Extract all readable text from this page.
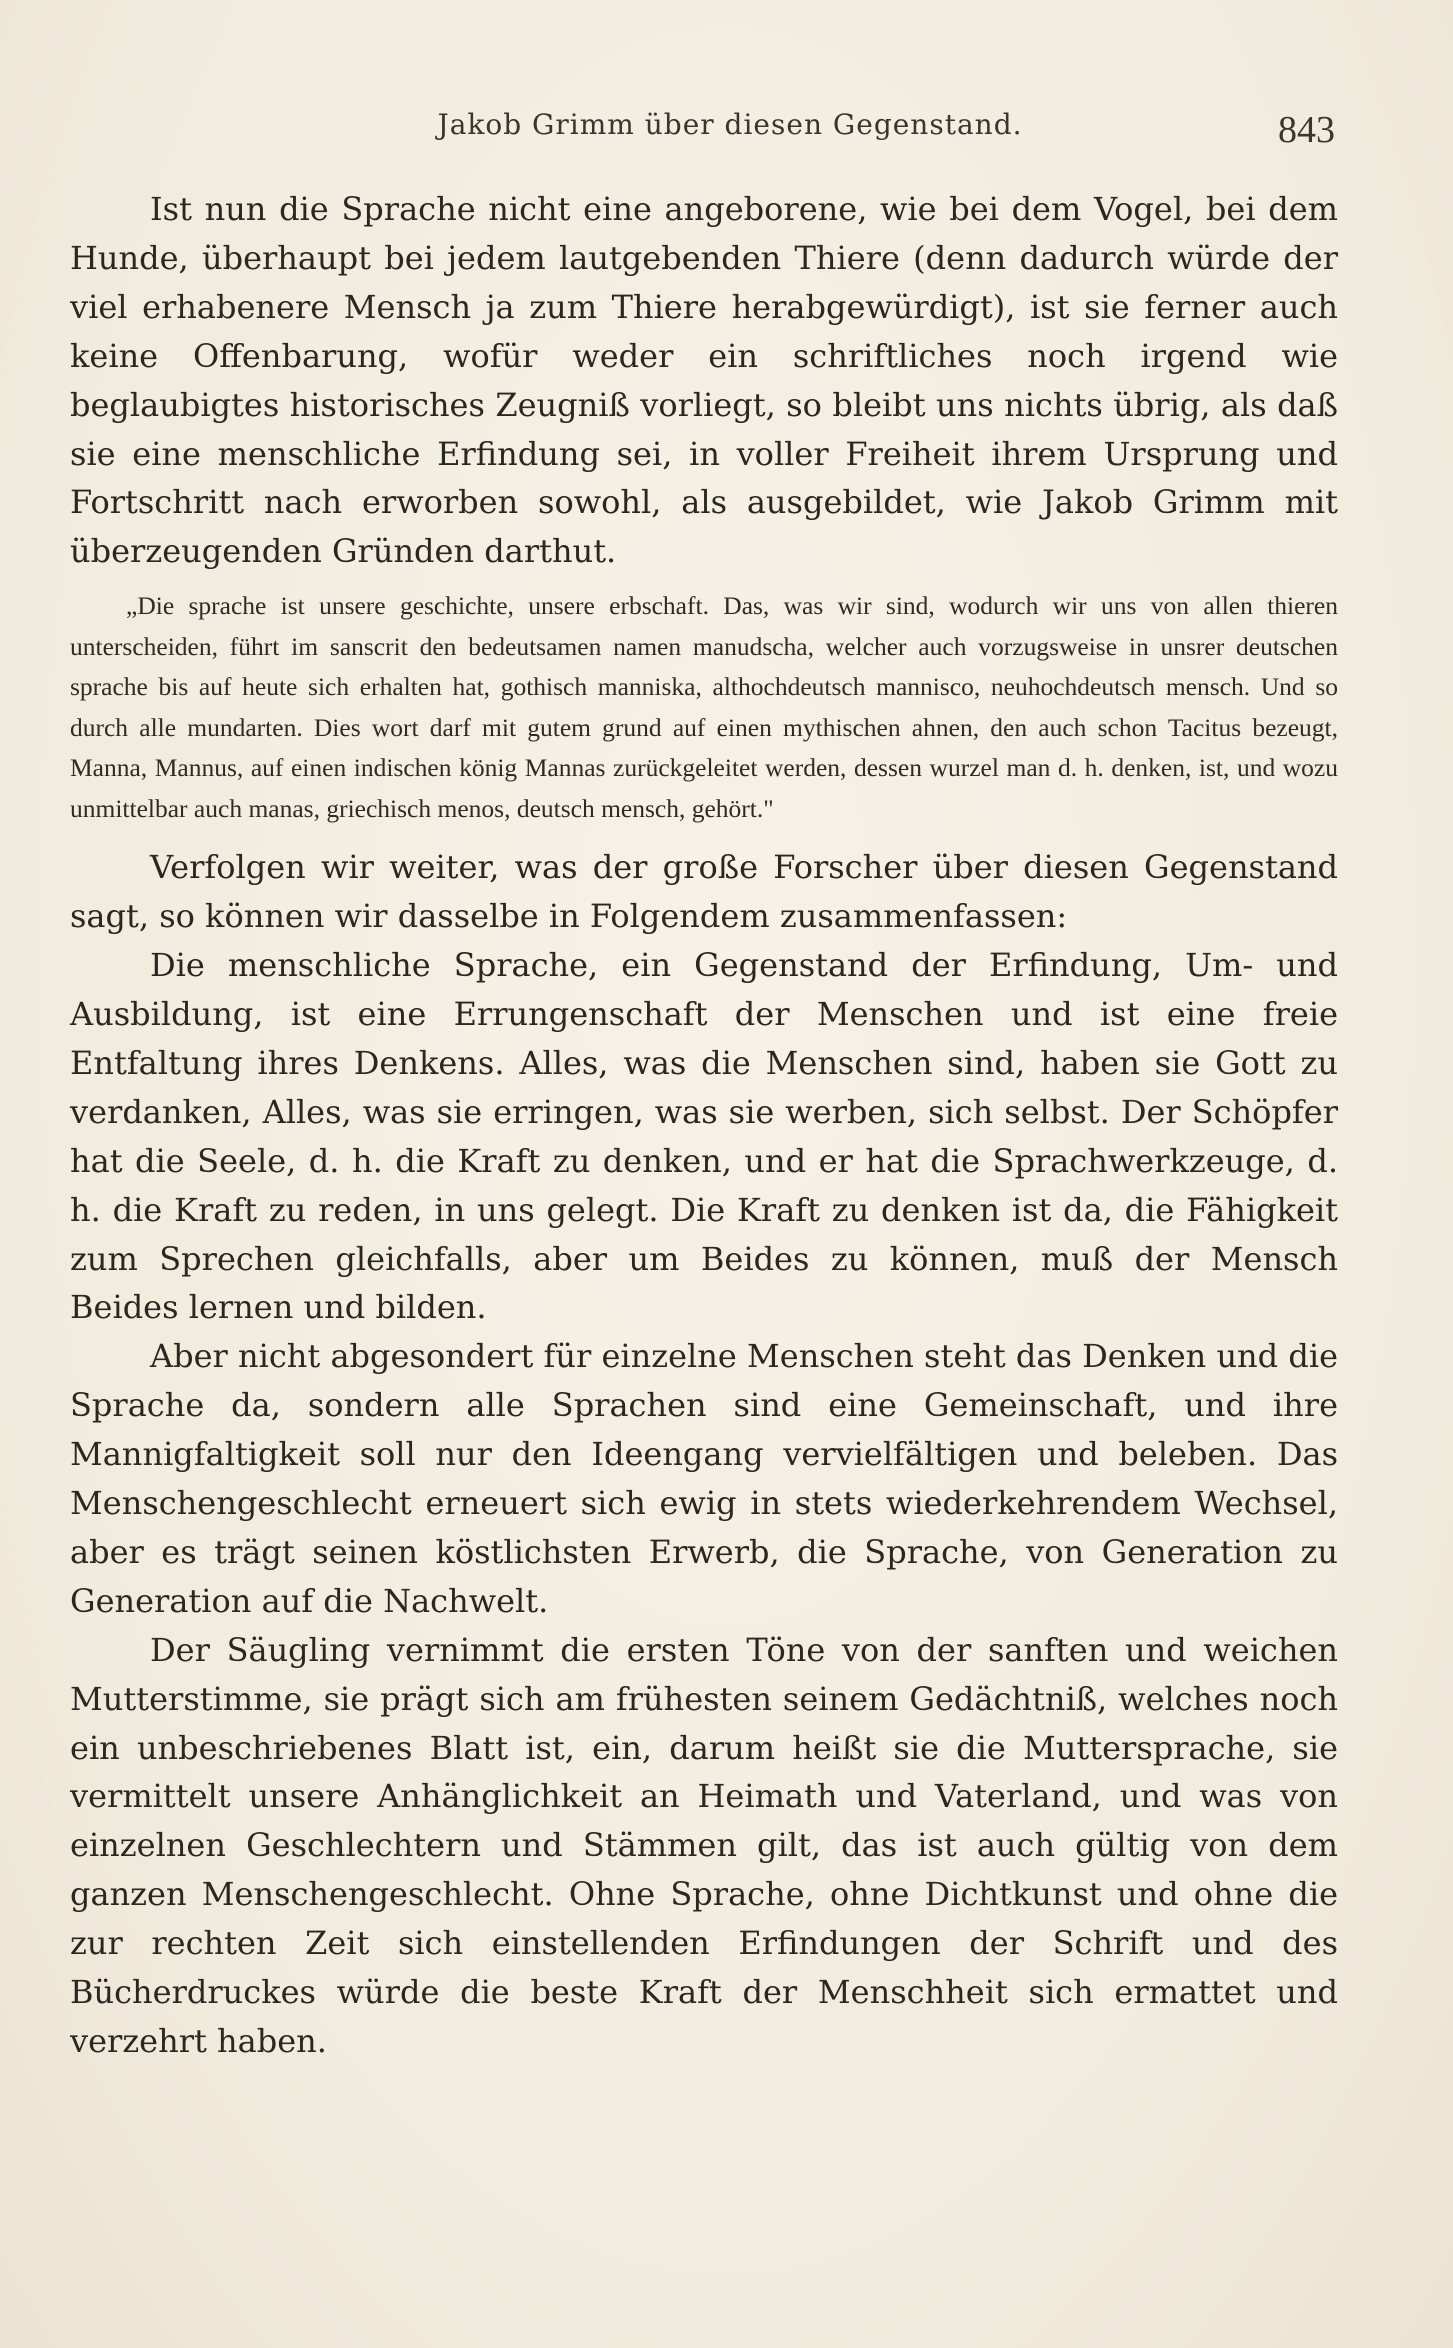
Jakob Grimm über diesen Gegenstand.	843

Ist nun die Sprache nicht eine angeborene, wie bei dem Vogel, bei dem Hunde, überhaupt bei jedem lautgebenden Thiere (denn dadurch würde der viel erhabenere Mensch ja zum Thiere herabgewürdigt), ist sie ferner auch keine Offenbarung, wofür weder ein schriftliches noch irgend wie beglaubigtes historisches Zeugniß vorliegt, so bleibt uns nichts übrig, als daß sie eine menschliche Erfindung sei, in voller Freiheit ihrem Ursprung und Fortschritt nach erworben sowohl, als ausgebildet, wie Jakob Grimm mit überzeugenden Gründen darthut.

„Die sprache ist unsere geschichte, unsere erbschaft. Das, was wir sind, wodurch wir uns von allen thieren unterscheiden, führt im sanscrit den bedeutsamen namen manudscha, welcher auch vorzugsweise in unsrer deutschen sprache bis auf heute sich erhalten hat, gothisch manniska, althochdeutsch mannisco, neuhochdeutsch mensch. Und so durch alle mundarten. Dies wort darf mit gutem grund auf einen mythischen ahnen, den auch schon Tacitus bezeugt, Manna, Mannus, auf einen indischen könig Mannas zurückgeleitet werden, dessen wurzel man d. h. denken, ist, und wozu unmittelbar auch manas, griechisch menos, deutsch mensch, gehört."

Verfolgen wir weiter, was der große Forscher über diesen Gegenstand sagt, so können wir dasselbe in Folgendem zusammenfassen:

Die menschliche Sprache, ein Gegenstand der Erfindung, Um- und Ausbildung, ist eine Errungenschaft der Menschen und ist eine freie Entfaltung ihres Denkens. Alles, was die Menschen sind, haben sie Gott zu verdanken, Alles, was sie erringen, was sie werben, sich selbst. Der Schöpfer hat die Seele, d. h. die Kraft zu denken, und er hat die Sprachwerkzeuge, d. h. die Kraft zu reden, in uns gelegt. Die Kraft zu denken ist da, die Fähigkeit zum Sprechen gleichfalls, aber um Beides zu können, muß der Mensch Beides lernen und bilden.

Aber nicht abgesondert für einzelne Menschen steht das Denken und die Sprache da, sondern alle Sprachen sind eine Gemeinschaft, und ihre Mannigfaltigkeit soll nur den Ideengang vervielfältigen und beleben. Das Menschengeschlecht erneuert sich ewig in stets wiederkehrendem Wechsel, aber es trägt seinen köstlichsten Erwerb, die Sprache, von Generation zu Generation auf die Nachwelt.

Der Säugling vernimmt die ersten Töne von der sanften und weichen Mutterstimme, sie prägt sich am frühesten seinem Gedächtniß, welches noch ein unbeschriebenes Blatt ist, ein, darum heißt sie die Muttersprache, sie vermittelt unsere Anhänglichkeit an Heimath und Vaterland, und was von einzelnen Geschlechtern und Stämmen gilt, das ist auch gültig von dem ganzen Menschengeschlecht. Ohne Sprache, ohne Dichtkunst und ohne die zur rechten Zeit sich einstellenden Erfindungen der Schrift und des Bücherdruckes würde die beste Kraft der Menschheit sich ermattet und verzehrt haben.
